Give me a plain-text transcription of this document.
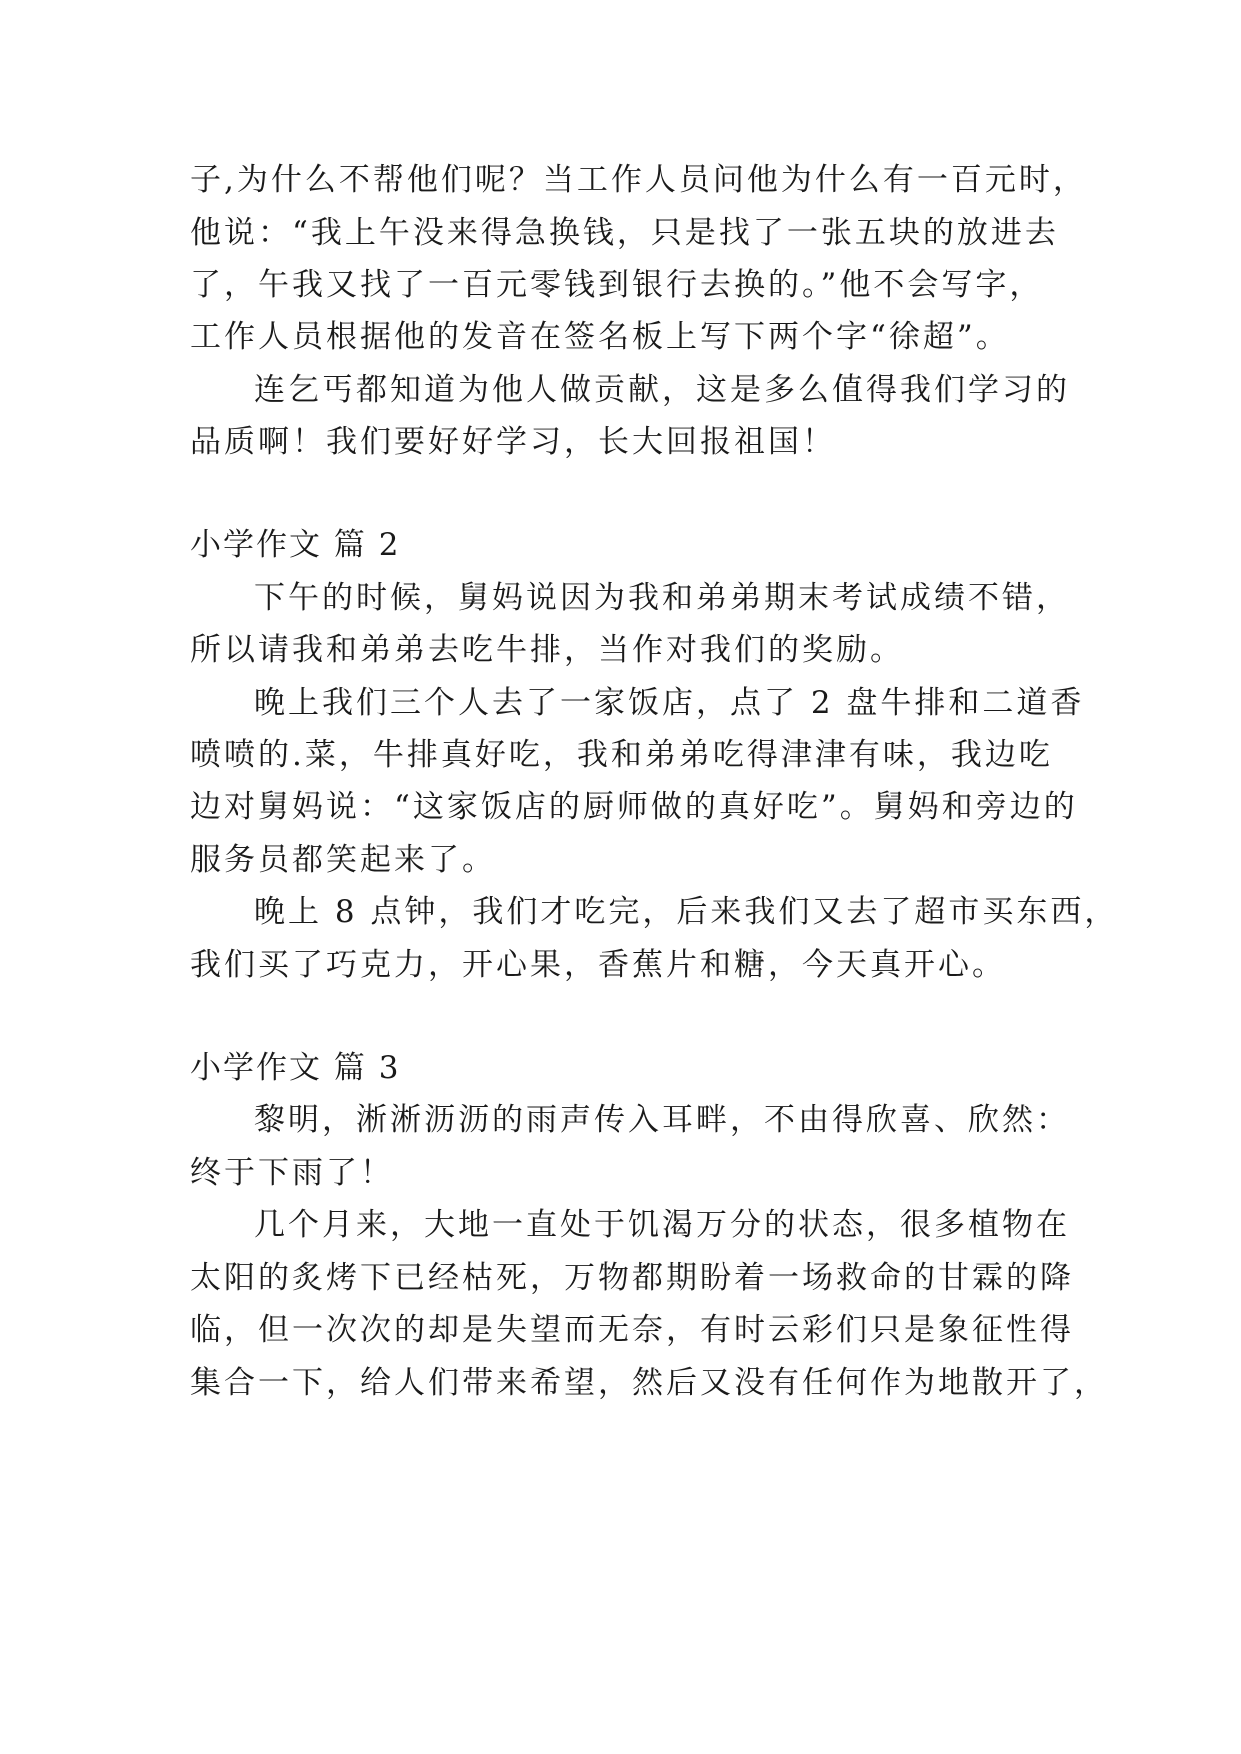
子,为什么不帮他们呢？当工作人员问他为什么有一百元时，
他说：“我上午没来得急换钱，只是找了一张五块的放进去
了，午我又找了一百元零钱到银行去换的。”他不会写字，
工作人员根据他的发音在签名板上写下两个字“徐超”。
连乞丐都知道为他人做贡献，这是多么值得我们学习的
品质啊！我们要好好学习，长大回报祖国！
小学作文 篇 2
下午的时候，舅妈说因为我和弟弟期末考试成绩不错，
所以请我和弟弟去吃牛排，当作对我们的奖励。
晚上我们三个人去了一家饭店，点了 2 盘牛排和二道香
喷喷的.菜，牛排真好吃，我和弟弟吃得津津有味，我边吃
边对舅妈说：“这家饭店的厨师做的真好吃”。舅妈和旁边的
服务员都笑起来了。
晚上 8 点钟，我们才吃完，后来我们又去了超市买东西，
我们买了巧克力，开心果，香蕉片和糖，今天真开心。
小学作文 篇 3
黎明，淅淅沥沥的雨声传入耳畔，不由得欣喜、欣然：
终于下雨了！
几个月来，大地一直处于饥渴万分的状态，很多植物在
太阳的炙烤下已经枯死，万物都期盼着一场救命的甘霖的降
临，但一次次的却是失望而无奈，有时云彩们只是象征性得
集合一下，给人们带来希望，然后又没有任何作为地散开了，
